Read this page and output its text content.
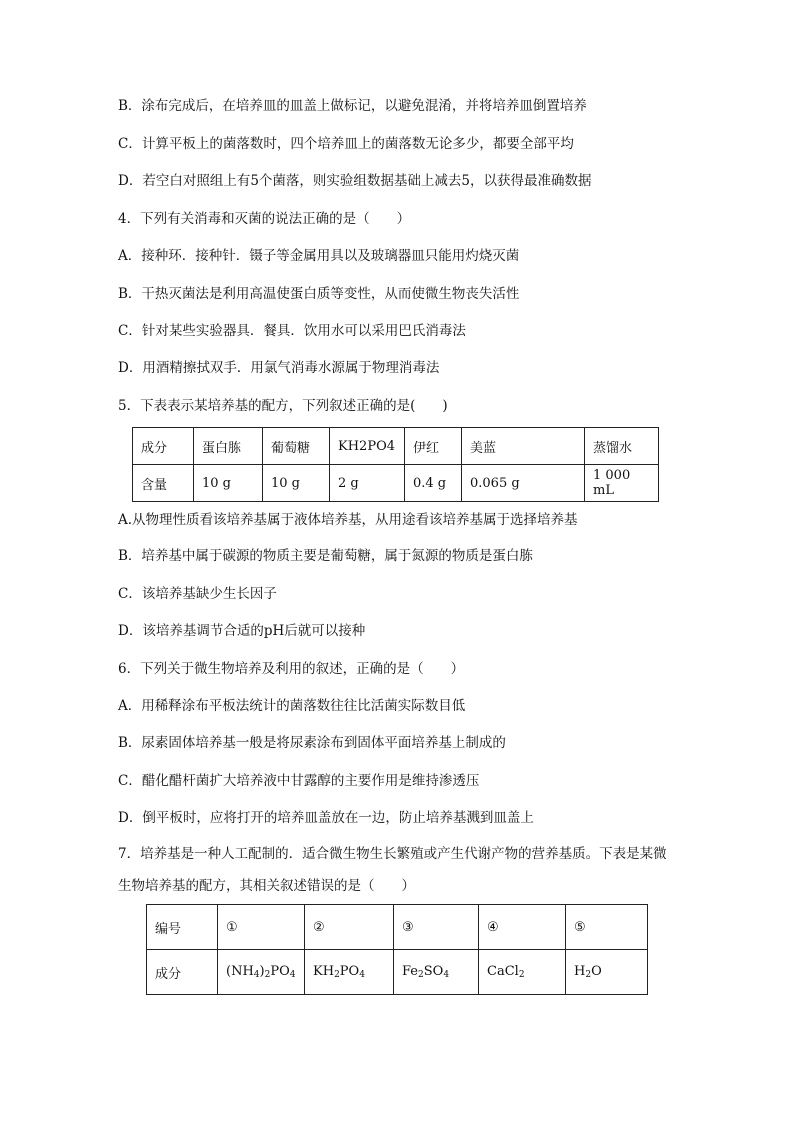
B．涂布完成后，在培养皿的皿盖上做标记，以避免混淆，并将培养皿倒置培养
C．计算平板上的菌落数时，四个培养皿上的菌落数无论多少，都要全部平均
D．若空白对照组上有5个菌落，则实验组数据基础上减去5，以获得最准确数据
4．下列有关消毒和灭菌的说法正确的是（　　）
A．接种环．接种针．镊子等金属用具以及玻璃器皿只能用灼烧灭菌
B．干热灭菌法是利用高温使蛋白质等变性，从而使微生物丧失活性
C．针对某些实验器具．餐具．饮用水可以采用巴氏消毒法
D．用酒精擦拭双手．用氯气消毒水源属于物理消毒法
5．下表表示某培养基的配方，下列叙述正确的是(　　)
成分	蛋白胨	葡萄糖	KH2PO4	伊红	美蓝	蒸馏水
含量	10 g	10 g	2 g	0.4 g	0.065 g	1 000 mL
A.从物理性质看该培养基属于液体培养基，从用途看该培养基属于选择培养基
B．培养基中属于碳源的物质主要是葡萄糖，属于氮源的物质是蛋白胨
C．该培养基缺少生长因子
D．该培养基调节合适的pH后就可以接种
6．下列关于微生物培养及利用的叙述，正确的是（　　）
A．用稀释涂布平板法统计的菌落数往往比活菌实际数目低
B．尿素固体培养基一般是将尿素涂布到固体平面培养基上制成的
C．醋化醋杆菌扩大培养液中甘露醇的主要作用是维持渗透压
D．倒平板时，应将打开的培养皿盖放在一边，防止培养基溅到皿盖上
7．培养基是一种人工配制的．适合微生物生长繁殖或产生代谢产物的营养基质。下表是某微生物培养基的配方，其相关叙述错误的是（　　）
编号	①	②	③	④	⑤
成分	$(NH_4)_2PO_4$	$KH_2PO_4$	$Fe_2SO_4$	CaCl$_2$	$H_2O$
